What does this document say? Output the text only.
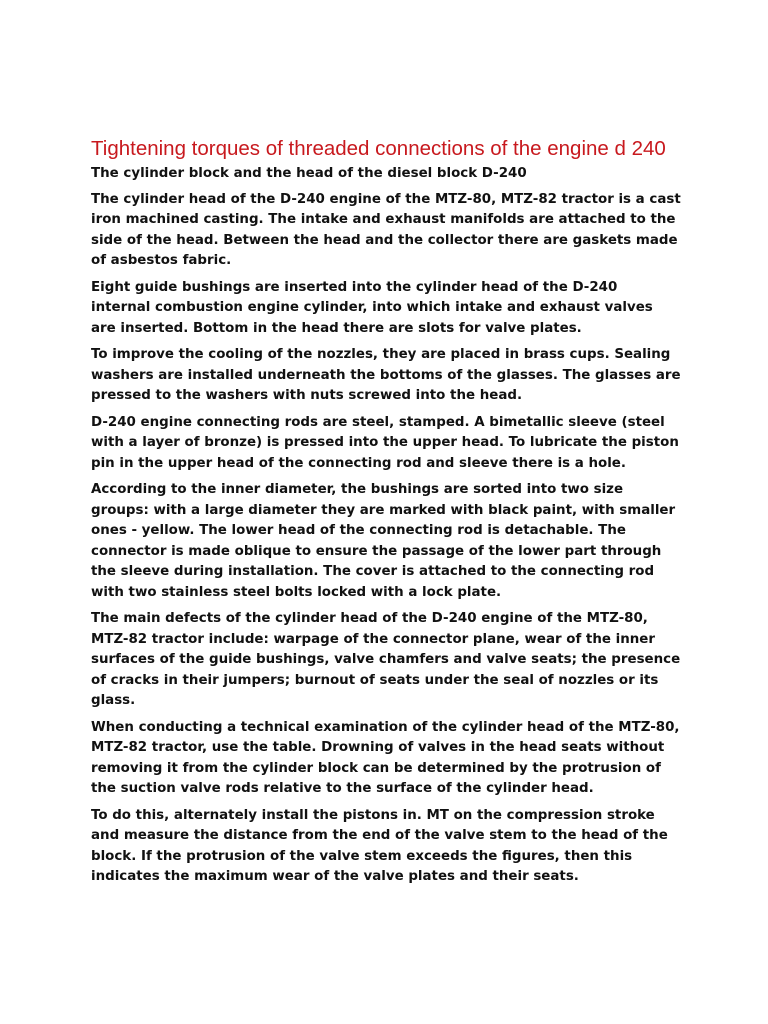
Tightening torques of threaded connections of the engine d 240

The cylinder block and the head of the diesel block D-240

The cylinder head of the D-240 engine of the MTZ-80, MTZ-82 tractor is a cast iron machined casting. The intake and exhaust manifolds are attached to the side of the head. Between the head and the collector there are gaskets made of asbestos fabric.

Eight guide bushings are inserted into the cylinder head of the D-240 internal combustion engine cylinder, into which intake and exhaust valves are inserted. Bottom in the head there are slots for valve plates.

To improve the cooling of the nozzles, they are placed in brass cups. Sealing washers are installed underneath the bottoms of the glasses. The glasses are pressed to the washers with nuts screwed into the head.

D-240 engine connecting rods are steel, stamped. A bimetallic sleeve (steel with a layer of bronze) is pressed into the upper head. To lubricate the piston pin in the upper head of the connecting rod and sleeve there is a hole.

According to the inner diameter, the bushings are sorted into two size groups: with a large diameter they are marked with black paint, with smaller ones - yellow. The lower head of the connecting rod is detachable. The connector is made oblique to ensure the passage of the lower part through the sleeve during installation. The cover is attached to the connecting rod with two stainless steel bolts locked with a lock plate.

The main defects of the cylinder head of the D-240 engine of the MTZ-80, MTZ-82 tractor include: warpage of the connector plane, wear of the inner surfaces of the guide bushings, valve chamfers and valve seats; the presence of cracks in their jumpers; burnout of seats under the seal of nozzles or its glass.

When conducting a technical examination of the cylinder head of the MTZ-80, MTZ-82 tractor, use the table. Drowning of valves in the head seats without removing it from the cylinder block can be determined by the protrusion of the suction valve rods relative to the surface of the cylinder head.

To do this, alternately install the pistons in. MT on the compression stroke and measure the distance from the end of the valve stem to the head of the block. If the protrusion of the valve stem exceeds the figures, then this indicates the maximum wear of the valve plates and their seats.
